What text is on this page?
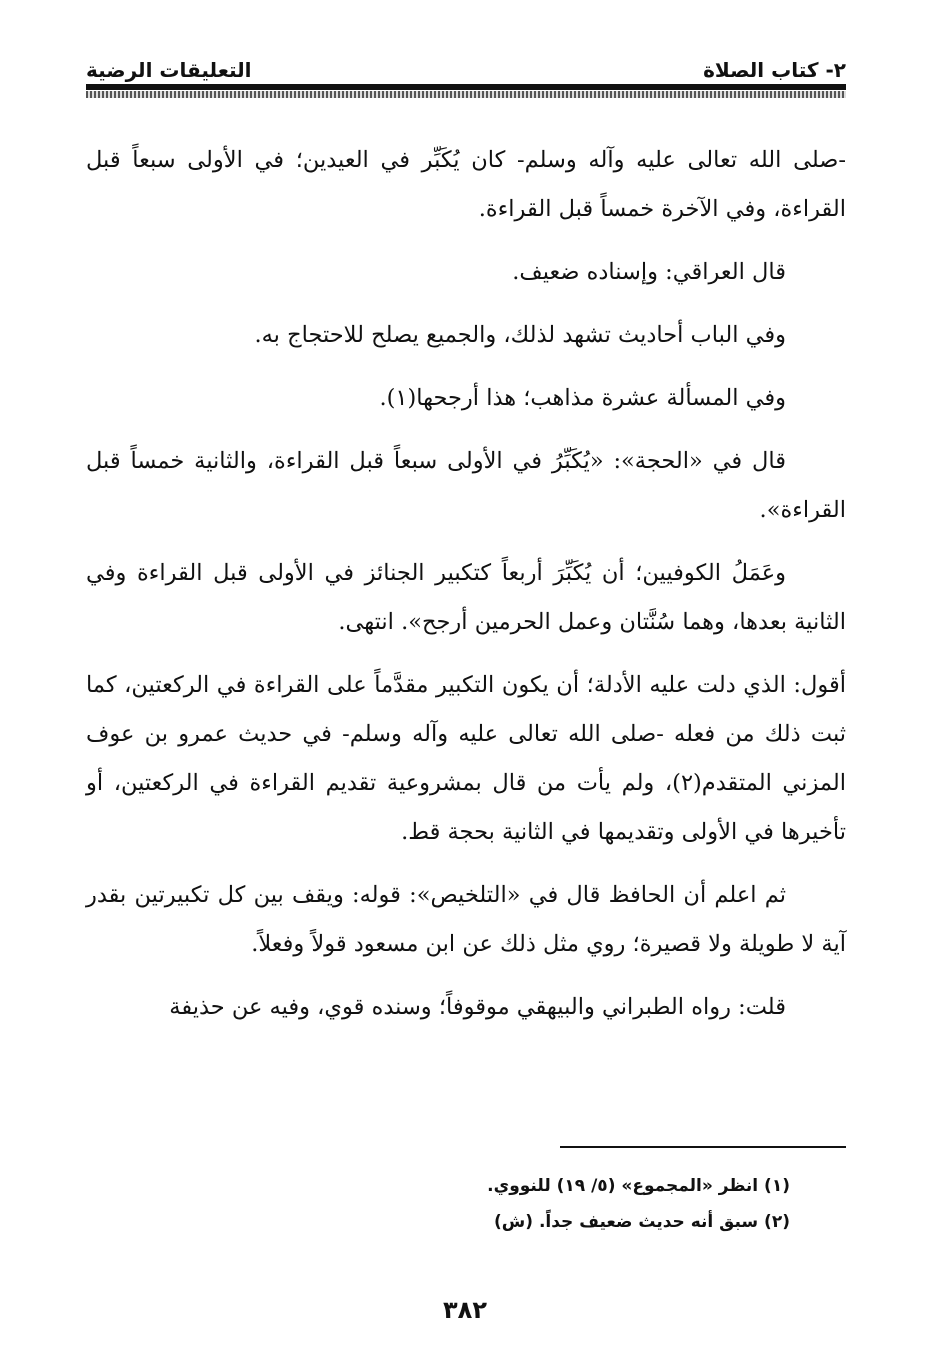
التعليقات الرضية	٢- كتاب الصلاة

-صلى الله تعالى عليه وآله وسلم- كان يُكَبِّر في العيدين؛ في الأولى سبعاً قبل القراءة، وفي الآخرة خمساً قبل القراءة.

قال العراقي: وإسناده ضعيف.

وفي الباب أحاديث تشهد لذلك، والجميع يصلح للاحتجاج به.

وفي المسألة عشرة مذاهب؛ هذا أرجحها(١).

قال في «الحجة»: «يُكَبِّرُ في الأولى سبعاً قبل القراءة، والثانية خمساً قبل القراءة».

وعَمَلُ الكوفيين؛ أن يُكَبِّرَ أربعاً كتكبير الجنائز في الأولى قبل القراءة وفي الثانية بعدها، وهما سُنَّتان وعمل الحرمين أرجح». انتهى.

أقول: الذي دلت عليه الأدلة؛ أن يكون التكبير مقدَّماً على القراءة في الركعتين، كما ثبت ذلك من فعله -صلى الله تعالى عليه وآله وسلم- في حديث عمرو بن عوف المزني المتقدم(٢)، ولم يأت من قال بمشروعية تقديم القراءة في الركعتين، أو تأخيرها في الأولى وتقديمها في الثانية بحجة قط.

ثم اعلم أن الحافظ قال في «التلخيص»: قوله: ويقف بين كل تكبيرتين بقدر آية لا طويلة ولا قصيرة؛ روي مثل ذلك عن ابن مسعود قولاً وفعلاً.

قلت: رواه الطبراني والبيهقي موقوفاً؛ وسنده قوي، وفيه عن حذيفة

(١) انظر «المجموع» (٥/ ١٩) للنووي.
(٢) سبق أنه حديث ضعيف جداً. (ش)
٣٨٢
